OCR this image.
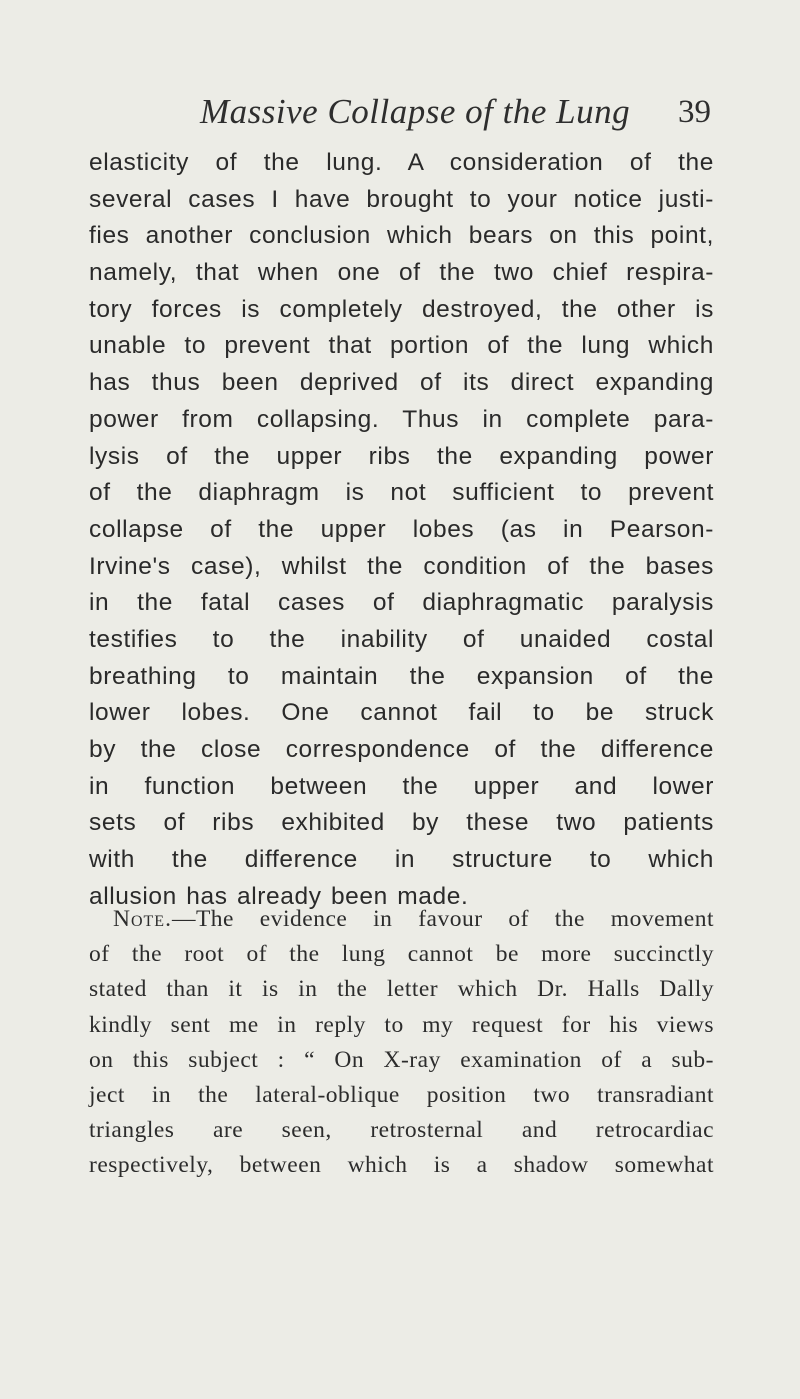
Massive Collapse of the Lung 39
elasticity of the lung. A consideration of the
several cases I have brought to your notice justi-
fies another conclusion which bears on this point,
namely, that when one of the two chief respira-
tory forces is completely destroyed, the other is
unable to prevent that portion of the lung which
has thus been deprived of its direct expanding
power from collapsing. Thus in complete para-
lysis of the upper ribs the expanding power
of the diaphragm is not sufficient to prevent
collapse of the upper lobes (as in Pearson-
Irvine's case), whilst the condition of the bases
in the fatal cases of diaphragmatic paralysis
testifies to the inability of unaided costal
breathing to maintain the expansion of the
lower lobes. One cannot fail to be struck
by the close correspondence of the difference
in function between the upper and lower
sets of ribs exhibited by these two patients
with the difference in structure to which
allusion has already been made.
Note.—The evidence in favour of the movement
of the root of the lung cannot be more succinctly
stated than it is in the letter which Dr. Halls Dally
kindly sent me in reply to my request for his views
on this subject : “ On X-ray examination of a sub-
ject in the lateral-oblique position two transradiant
triangles are seen, retrosternal and retrocardiac
respectively, between which is a shadow somewhat
